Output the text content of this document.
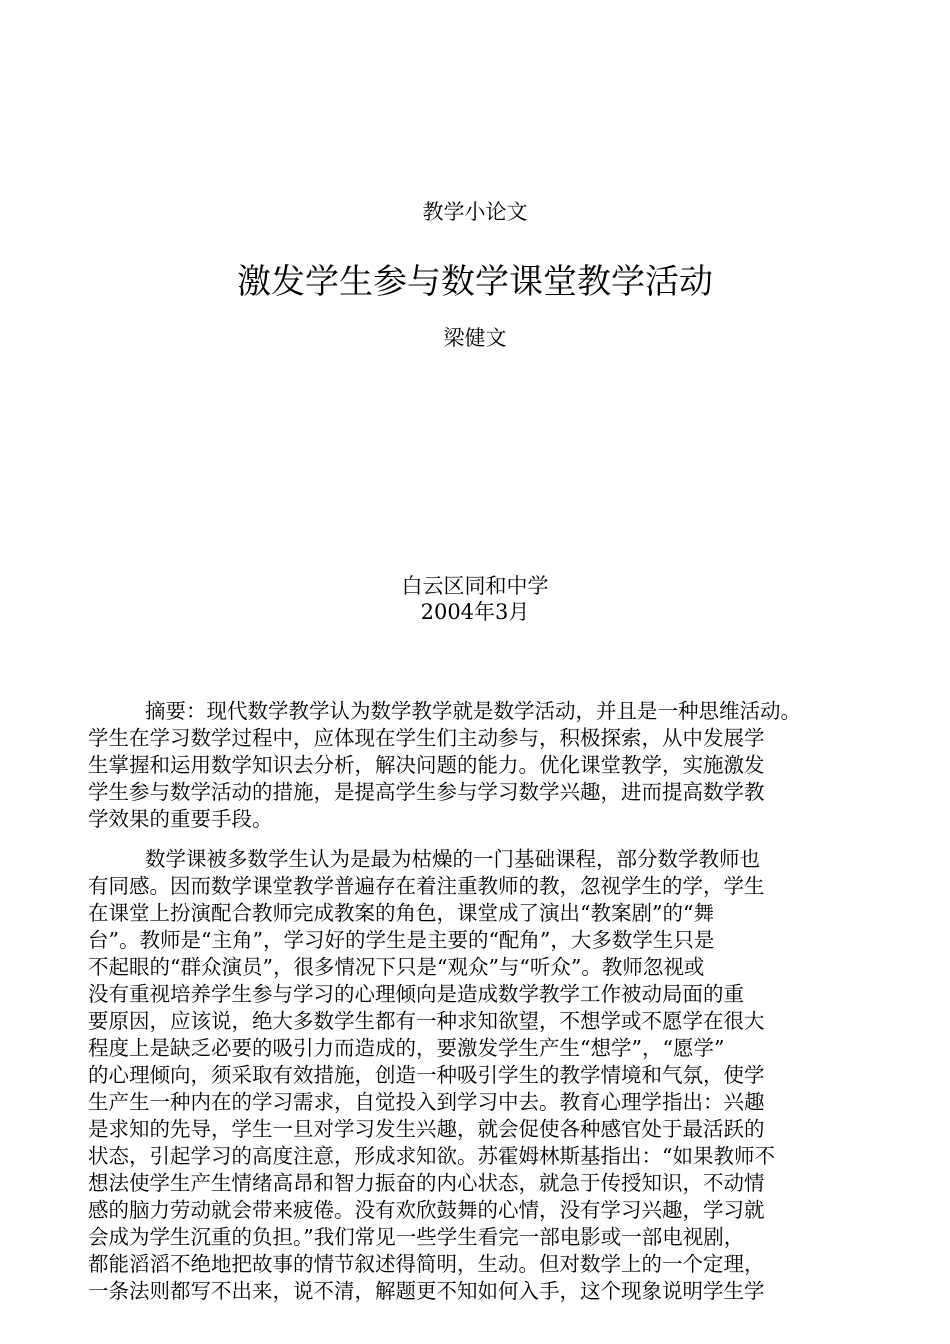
教学小论文
激发学生参与数学课堂教学活动
梁健文
白云区同和中学
2004年3月
摘要：现代数学教学认为数学教学就是数学活动，并且是一种思维活动。
学生在学习数学过程中，应体现在学生们主动参与，积极探索，从中发展学
生掌握和运用数学知识去分析，解决问题的能力。优化课堂教学，实施激发
学生参与数学活动的措施，是提高学生参与学习数学兴趣，进而提高数学教
学效果的重要手段。
数学课被多数学生认为是最为枯燥的一门基础课程，部分数学教师也
有同感。因而数学课堂教学普遍存在着注重教师的教，忽视学生的学，学生
在课堂上扮演配合教师完成教案的角色，课堂成了演出“教案剧”的“舞
台”。教师是“主角”，学习好的学生是主要的“配角”，大多数学生只是
不起眼的“群众演员”，很多情况下只是“观众”与“听众”。教师忽视或
没有重视培养学生参与学习的心理倾向是造成数学教学工作被动局面的重
要原因，应该说，绝大多数学生都有一种求知欲望，不想学或不愿学在很大
程度上是缺乏必要的吸引力而造成的，要激发学生产生“想学”，“愿学”
的心理倾向，须采取有效措施，创造一种吸引学生的教学情境和气氛，使学
生产生一种内在的学习需求，自觉投入到学习中去。教育心理学指出：兴趣
是求知的先导，学生一旦对学习发生兴趣，就会促使各种感官处于最活跃的
状态，引起学习的高度注意，形成求知欲。苏霍姆林斯基指出：“如果教师不
想法使学生产生情绪高昂和智力振奋的内心状态，就急于传授知识，不动情
感的脑力劳动就会带来疲倦。没有欢欣鼓舞的心情，没有学习兴趣，学习就
会成为学生沉重的负担。”我们常见一些学生看完一部电影或一部电视剧，
都能滔滔不绝地把故事的情节叙述得简明，生动。但对数学上的一个定理，
一条法则都写不出来，说不清，解题更不知如何入手，这个现象说明学生学
